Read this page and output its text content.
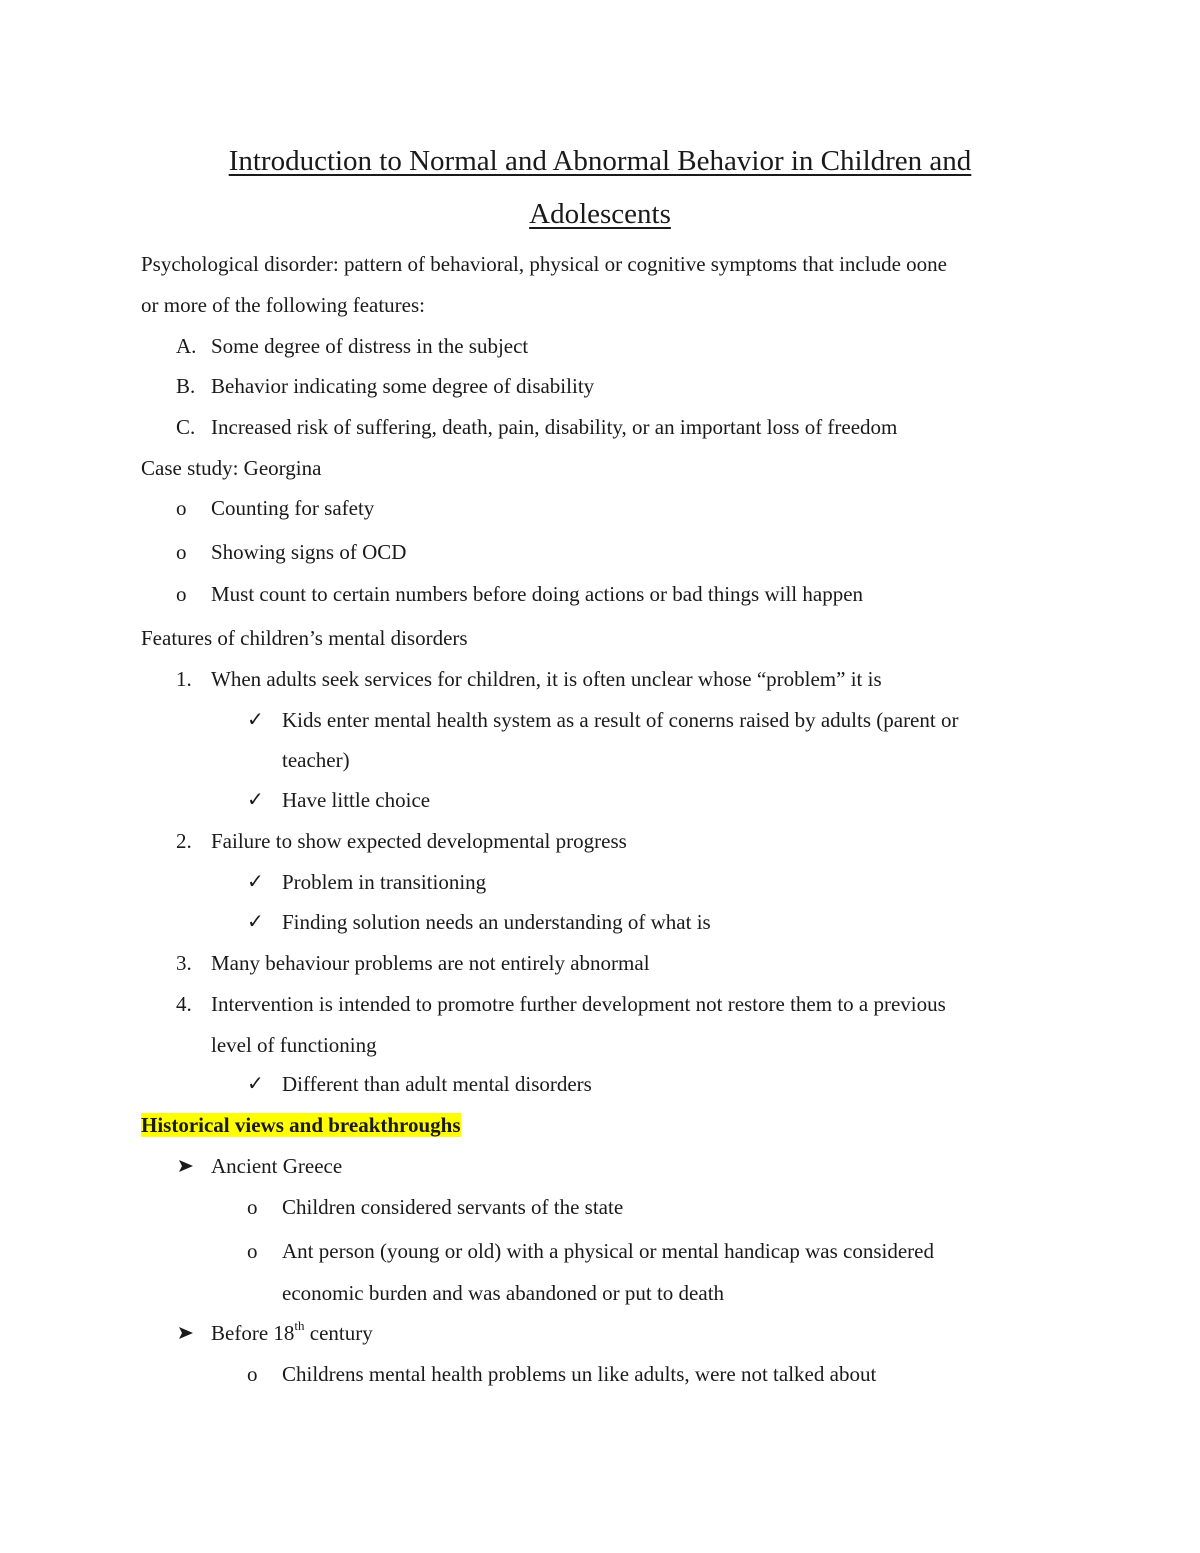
Introduction to Normal and Abnormal Behavior in Children and
Adolescents
Psychological disorder: pattern of behavioral, physical or cognitive symptoms that include oone
or more of the following features:
A. Some degree of distress in the subject
B. Behavior indicating some degree of disability
C. Increased risk of suffering, death, pain, disability, or an important loss of freedom
Case study: Georgina
o Counting for safety
o Showing signs of OCD
o Must count to certain numbers before doing actions or bad things will happen
Features of children’s mental disorders
1. When adults seek services for children, it is often unclear whose “problem” it is
✓ Kids enter mental health system as a result of conerns raised by adults (parent or
teacher)
✓ Have little choice
2. Failure to show expected developmental progress
✓ Problem in transitioning
✓ Finding solution needs an understanding of what is
3. Many behaviour problems are not entirely abnormal
4. Intervention is intended to promotre further development not restore them to a previous
level of functioning
✓ Different than adult mental disorders
Historical views and breakthroughs
Ancient Greece
o Children considered servants of the state
o Ant person (young or old) with a physical or mental handicap was considered
economic burden and was abandoned or put to death
Before 18th century
o Childrens mental health problems un like adults, were not talked about
